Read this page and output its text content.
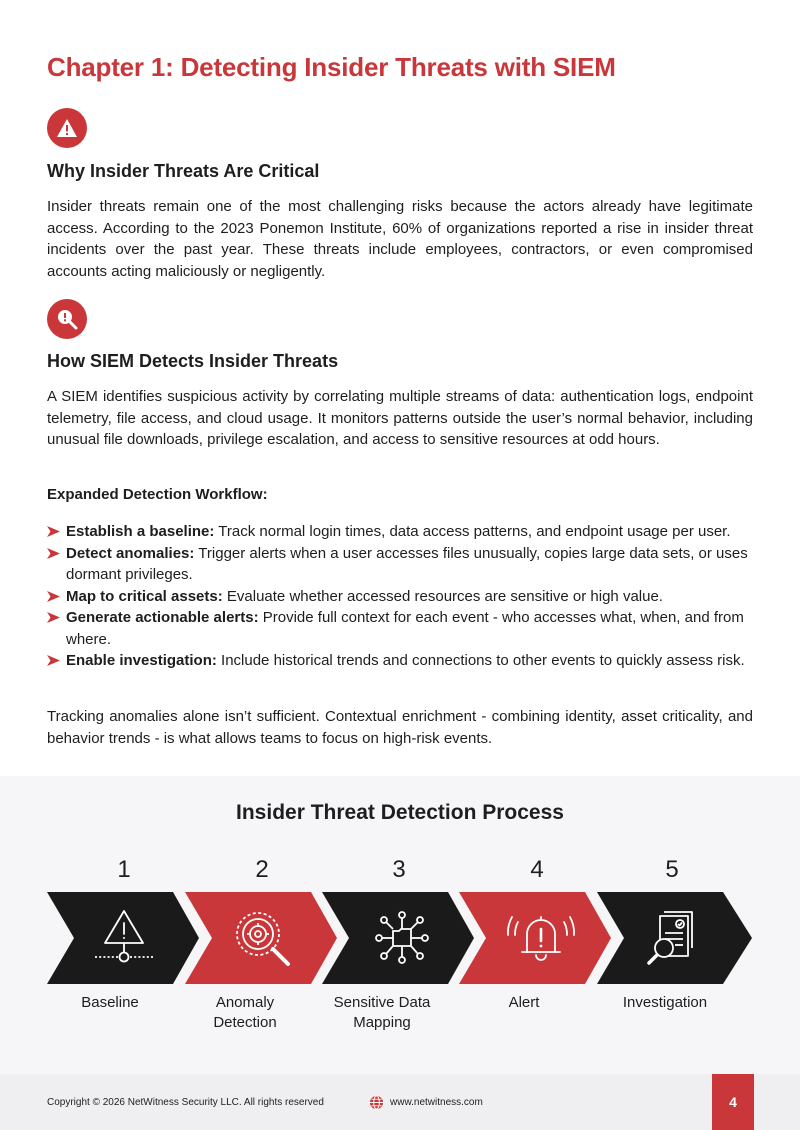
Chapter 1: Detecting Insider Threats with SIEM
Why Insider Threats Are Critical

Insider threats remain one of the most challenging risks because the actors already have legitimate access. According to the 2023 Ponemon Institute, 60% of organizations reported a rise in insider threat incidents over the past year. These threats include employees, contractors, or even compromised accounts acting maliciously or negligently.

How SIEM Detects Insider Threats

A SIEM identifies suspicious activity by correlating multiple streams of data: authentication logs, endpoint telemetry, file access, and cloud usage. It monitors patterns outside the user’s normal behavior, including unusual file downloads, privilege escalation, and access to sensitive resources at odd hours.

Expanded Detection Workflow:

Establish a baseline: Track normal login times, data access patterns, and endpoint usage per user.
Detect anomalies: Trigger alerts when a user accesses files unusually, copies large data sets, or uses dormant privileges.
Map to critical assets: Evaluate whether accessed resources are sensitive or high value.
Generate actionable alerts: Provide full context for each event - who accesses what, when, and from where.
Enable investigation: Include historical trends and connections to other events to quickly assess risk.

Tracking anomalies alone isn’t sufficient. Contextual enrichment - combining identity, asset criticality, and behavior trends - is what allows teams to focus on high-risk events.

Insider Threat Detection Process
1	2	3	4	5
Baseline	Anomaly Detection
Sensitive Data Mapping
Alert	Investigation
Copyright © 2026 NetWitness Security LLC. All rights reserved	www.netwitness.com	4
